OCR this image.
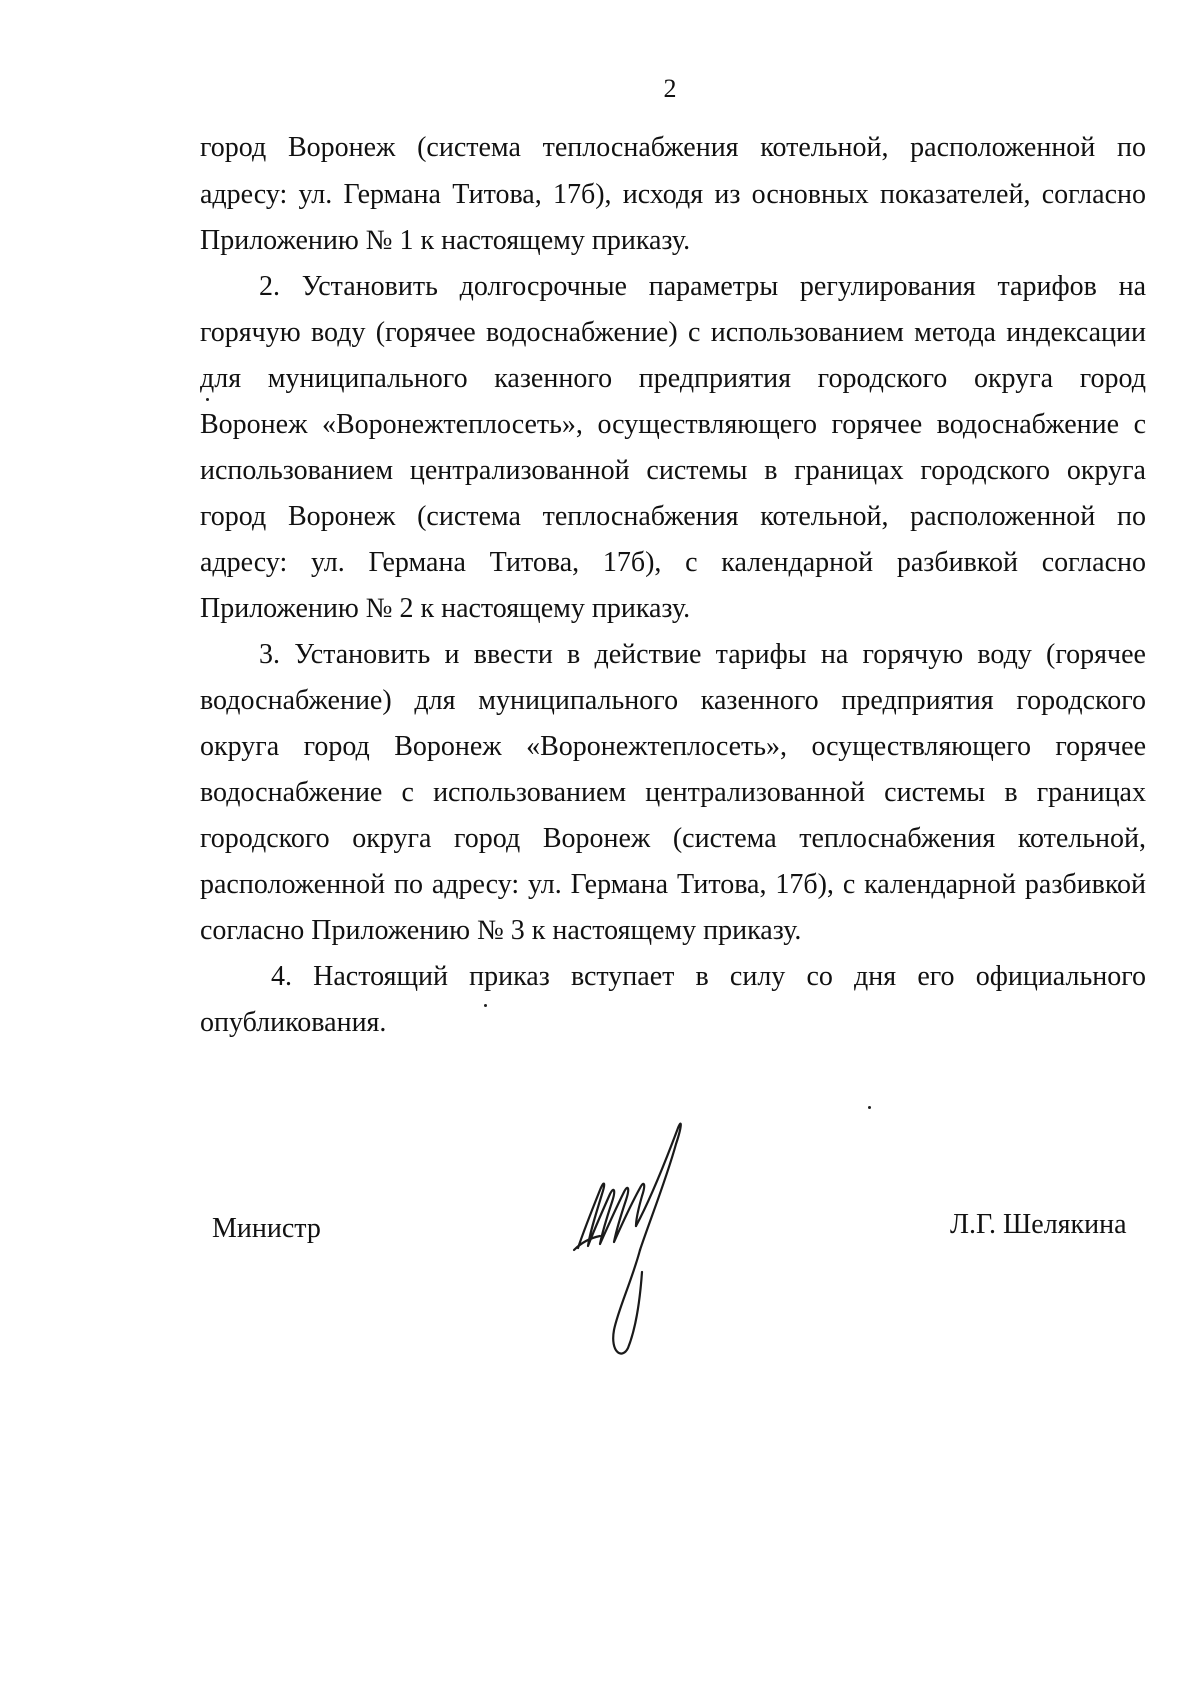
2
город Воронеж (система теплоснабжения котельной, расположенной по
адресу: ул. Германа Титова, 17б), исходя из основных показателей, согласно
Приложению № 1 к настоящему приказу.
2. Установить долгосрочные параметры регулирования тарифов на
горячую воду (горячее водоснабжение) с использованием метода индексации
для муниципального казенного предприятия городского округа город
Воронеж «Воронежтеплосеть», осуществляющего горячее водоснабжение с
использованием централизованной системы в границах городского округа
город Воронеж (система теплоснабжения котельной, расположенной по
адресу: ул. Германа Титова, 17б), с календарной разбивкой согласно
Приложению № 2 к настоящему приказу.
3. Установить и ввести в действие тарифы на горячую воду (горячее
водоснабжение) для муниципального казенного предприятия городского
округа город Воронеж «Воронежтеплосеть», осуществляющего горячее
водоснабжение с использованием централизованной системы в границах
городского округа город Воронеж (система теплоснабжения котельной,
расположенной по адресу: ул. Германа Титова, 17б), с календарной разбивкой
согласно Приложению № 3 к настоящему приказу.
4. Настоящий приказ вступает в силу со дня его официального
опубликования.
Министр	Л.Г. Шелякина
